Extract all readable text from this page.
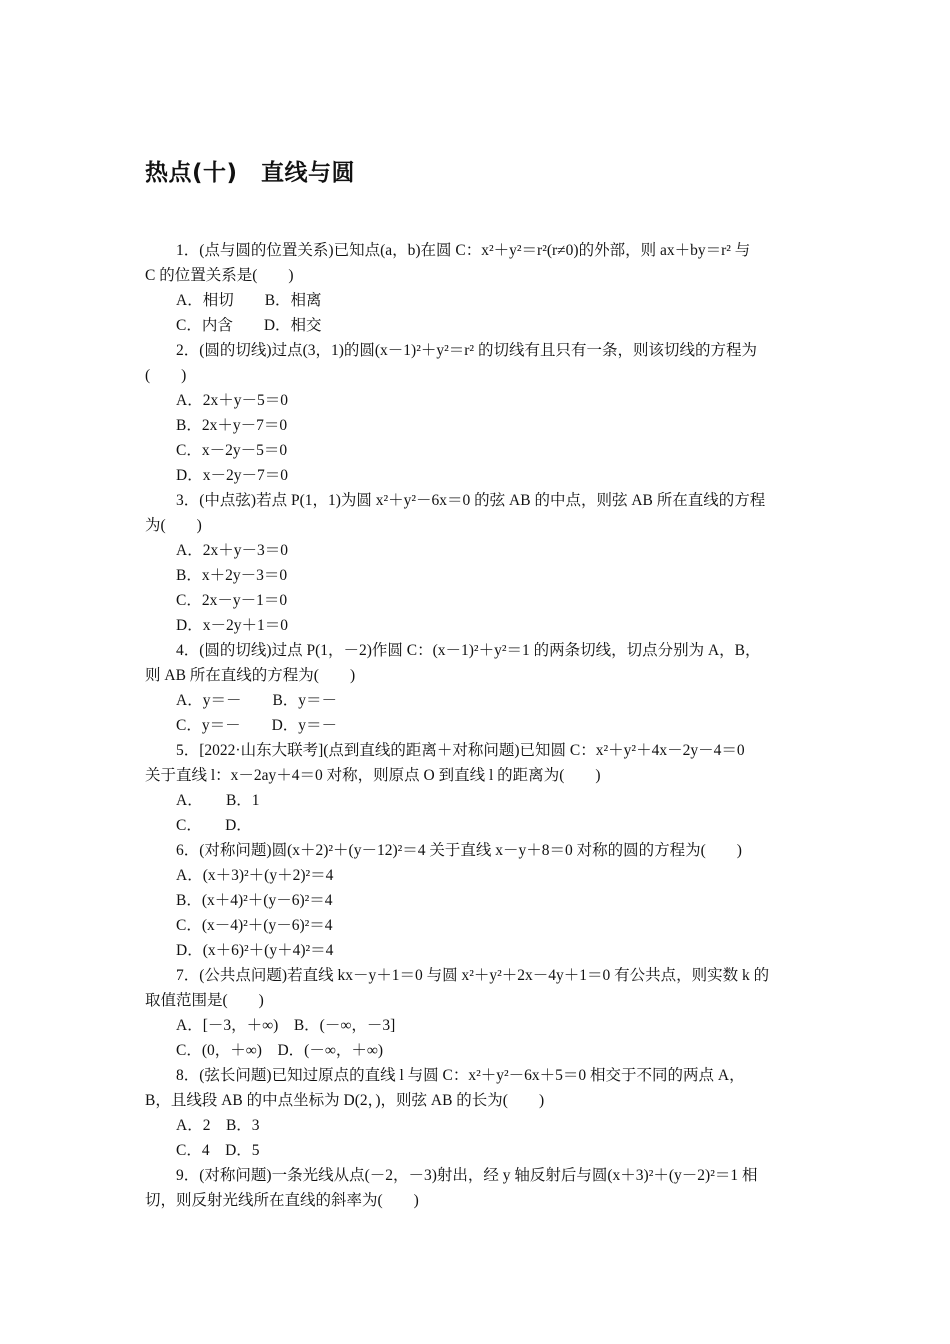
热点(十)　直线与圆
1．(点与圆的位置关系)已知点(a，b)在圆 C：x²＋y²＝r²(r≠0)的外部，则 ax＋by＝r² 与
C 的位置关系是(　　)
A．相切　　B．相离
C．内含　　D．相交
2．(圆的切线)过点(3，1)的圆(x－1)²＋y²＝r² 的切线有且只有一条，则该切线的方程为
(　　)
A．2x＋y－5＝0
B．2x＋y－7＝0
C．x－2y－5＝0
D．x－2y－7＝0
3．(中点弦)若点 P(1，1)为圆 x²＋y²－6x＝0 的弦 AB 的中点，则弦 AB 所在直线的方程
为(　　)
A．2x＋y－3＝0
B．x＋2y－3＝0
C．2x－y－1＝0
D．x－2y＋1＝0
4．(圆的切线)过点 P(1，－2)作圆 C：(x－1)²＋y²＝1 的两条切线，切点分别为 A，B，
则 AB 所在直线的方程为(　　)
A．y＝－　　B．y＝－
C．y＝－　　D．y＝－
5．[2022·山东大联考](点到直线的距离＋对称问题)已知圆 C：x²＋y²＋4x－2y－4＝0
关于直线 l：x－2ay＋4＝0 对称，则原点 O 到直线 l 的距离为(　　)
A．　　B．1
C．　　D．
6．(对称问题)圆(x＋2)²＋(y－12)²＝4 关于直线 x－y＋8＝0 对称的圆的方程为(　　)
A．(x＋3)²＋(y＋2)²＝4
B．(x＋4)²＋(y－6)²＝4
C．(x－4)²＋(y－6)²＝4
D．(x＋6)²＋(y＋4)²＝4
7．(公共点问题)若直线 kx－y＋1＝0 与圆 x²＋y²＋2x－4y＋1＝0 有公共点，则实数 k 的
取值范围是(　　)
A．[－3，＋∞)　B．(－∞，－3]
C．(0，＋∞)　D．(－∞，＋∞)
8．(弦长问题)已知过原点的直线 l 与圆 C：x²＋y²－6x＋5＝0 相交于不同的两点 A，
B，且线段 AB 的中点坐标为 D(2，)，则弦 AB 的长为(　　)
A．2　B．3
C．4　D．5
9．(对称问题)一条光线从点(－2，－3)射出，经 y 轴反射后与圆(x＋3)²＋(y－2)²＝1 相
切，则反射光线所在直线的斜率为(　　)
